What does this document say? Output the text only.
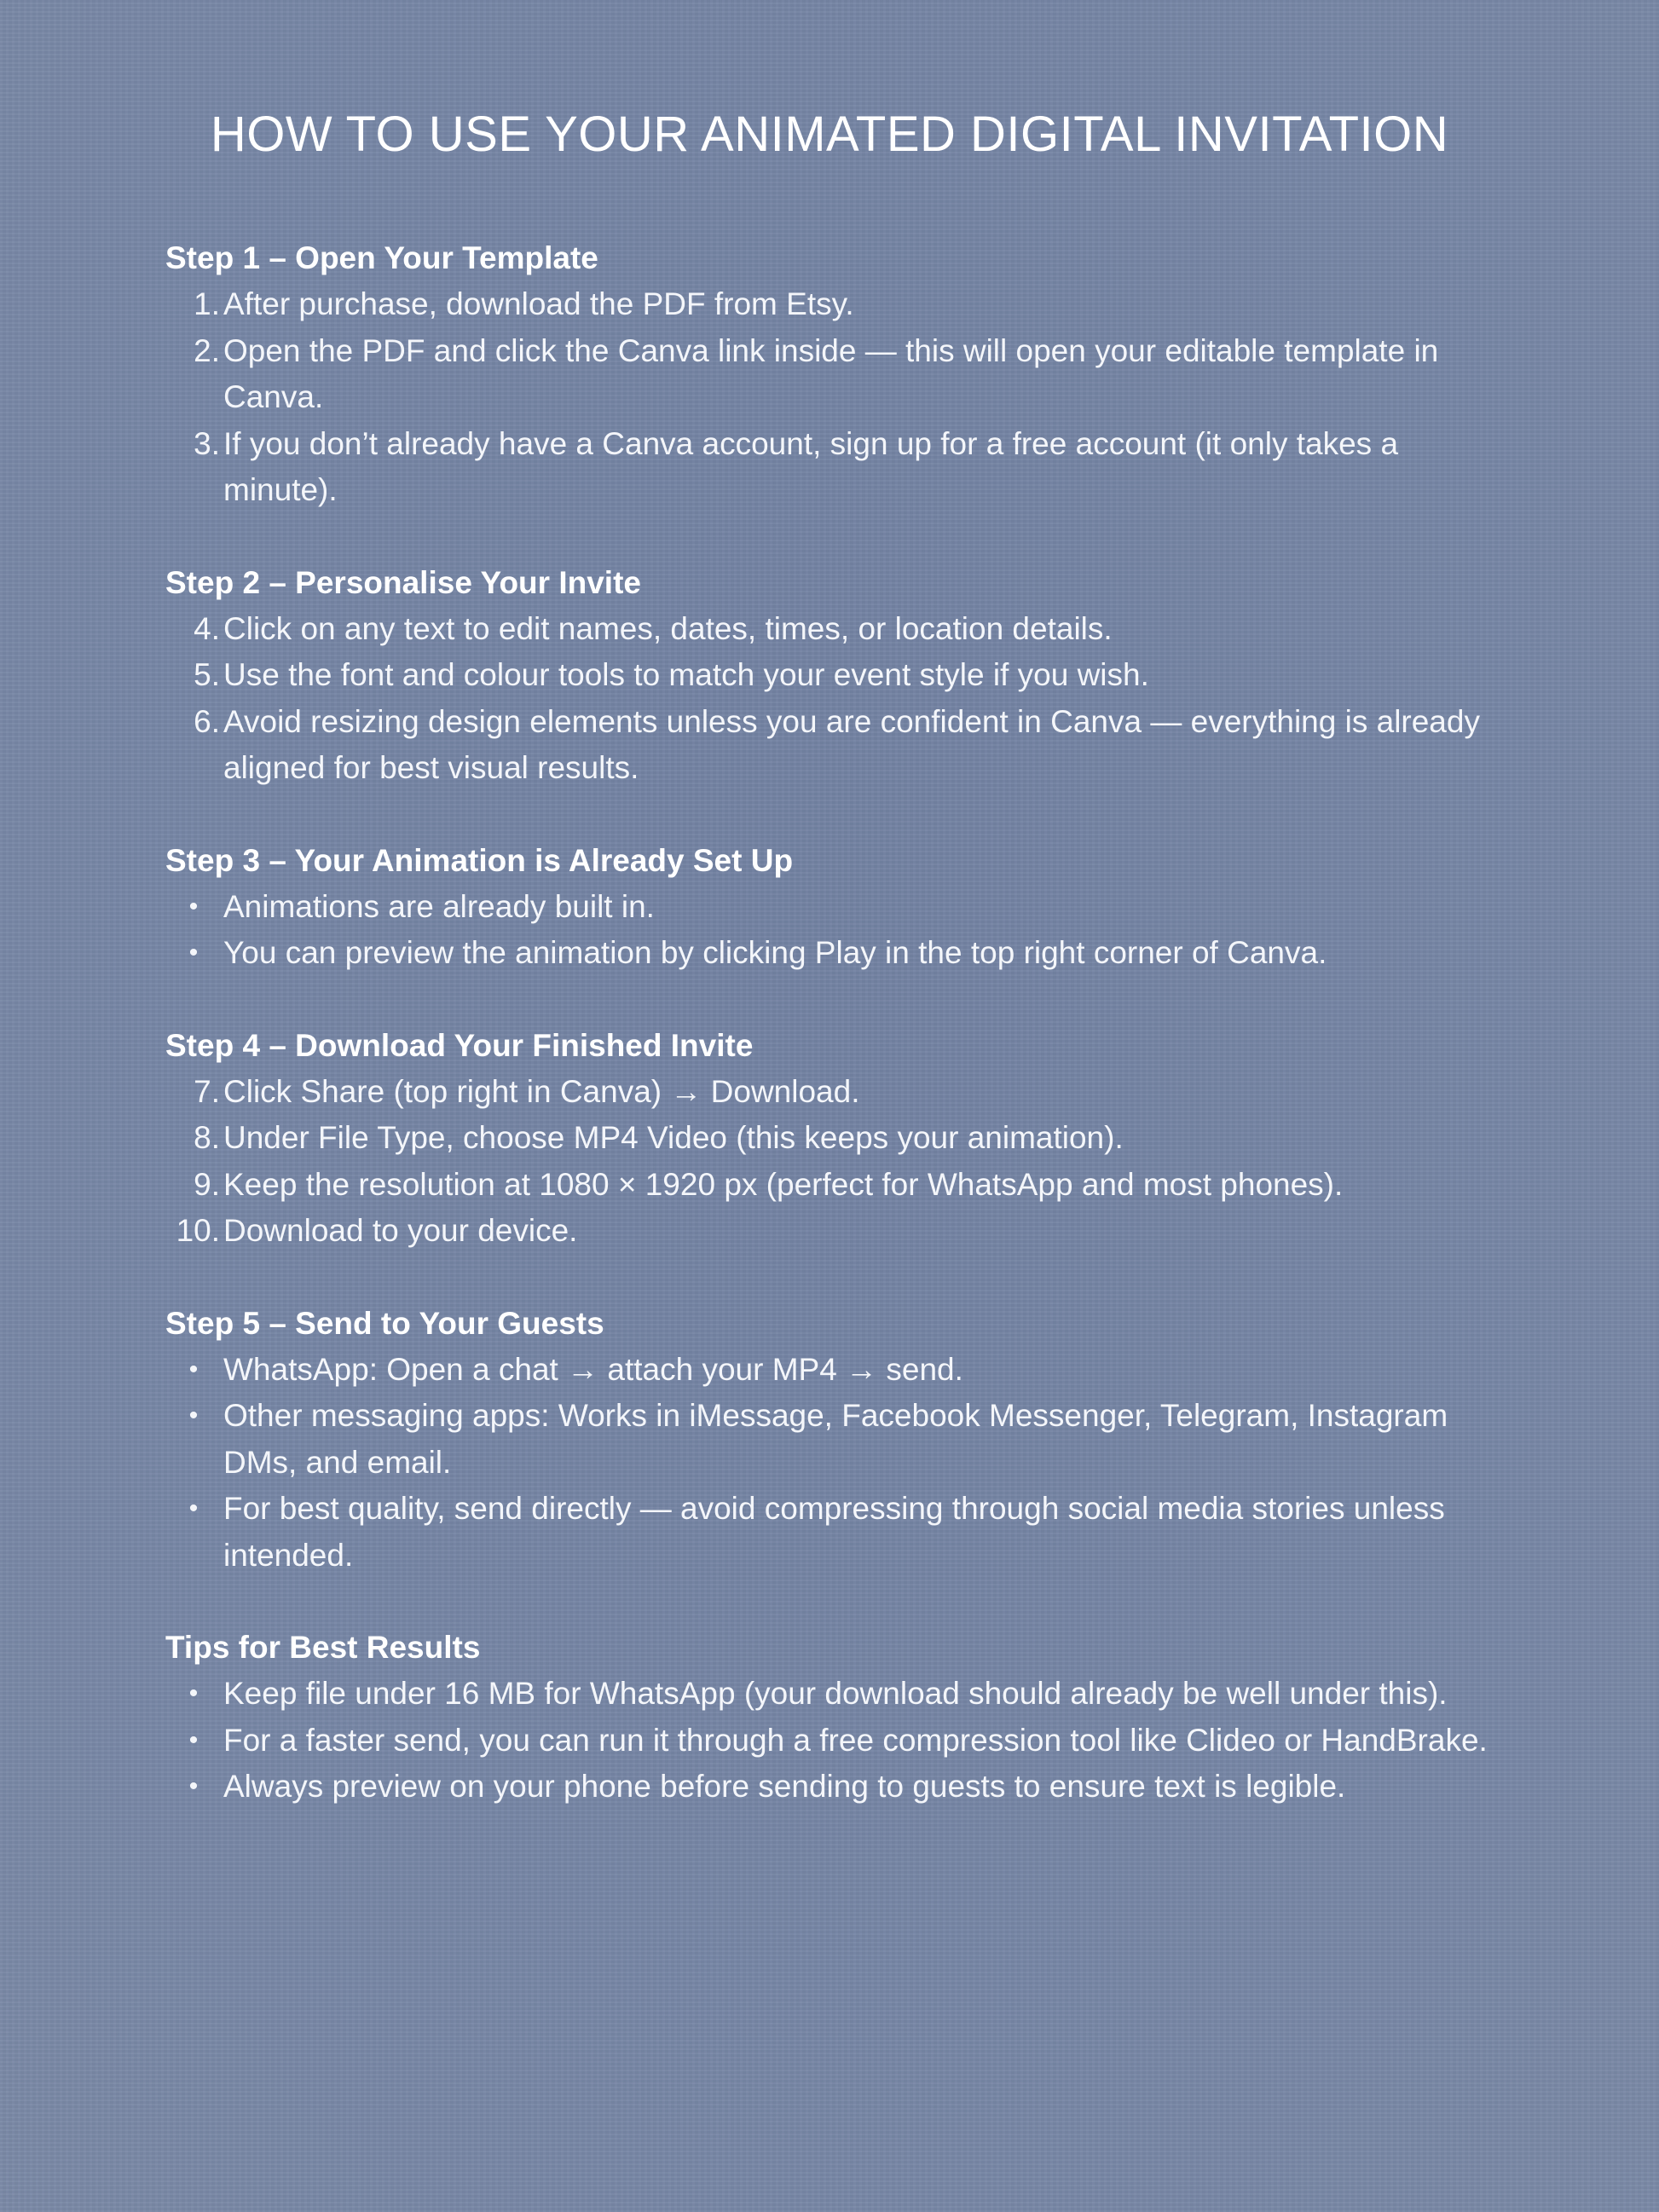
HOW TO USE YOUR ANIMATED DIGITAL INVITATION
Step 1 – Open Your Template
1. After purchase, download the PDF from Etsy.
2. Open the PDF and click the Canva link inside — this will open your editable template in Canva.
3. If you don’t already have a Canva account, sign up for a free account (it only takes a minute).
Step 2 – Personalise Your Invite
4. Click on any text to edit names, dates, times, or location details.
5. Use the font and colour tools to match your event style if you wish.
6. Avoid resizing design elements unless you are confident in Canva — everything is already aligned for best visual results.
Step 3 – Your Animation is Already Set Up
• Animations are already built in.
• You can preview the animation by clicking Play in the top right corner of Canva.
Step 4 – Download Your Finished Invite
7. Click Share (top right in Canva) → Download.
8. Under File Type, choose MP4 Video (this keeps your animation).
9. Keep the resolution at 1080 × 1920 px (perfect for WhatsApp and most phones).
10. Download to your device.
Step 5 – Send to Your Guests
• WhatsApp: Open a chat → attach your MP4 → send.
• Other messaging apps: Works in iMessage, Facebook Messenger, Telegram, Instagram DMs, and email.
• For best quality, send directly — avoid compressing through social media stories unless intended.
Tips for Best Results
• Keep file under 16 MB for WhatsApp (your download should already be well under this).
• For a faster send, you can run it through a free compression tool like Clideo or HandBrake.
• Always preview on your phone before sending to guests to ensure text is legible.
